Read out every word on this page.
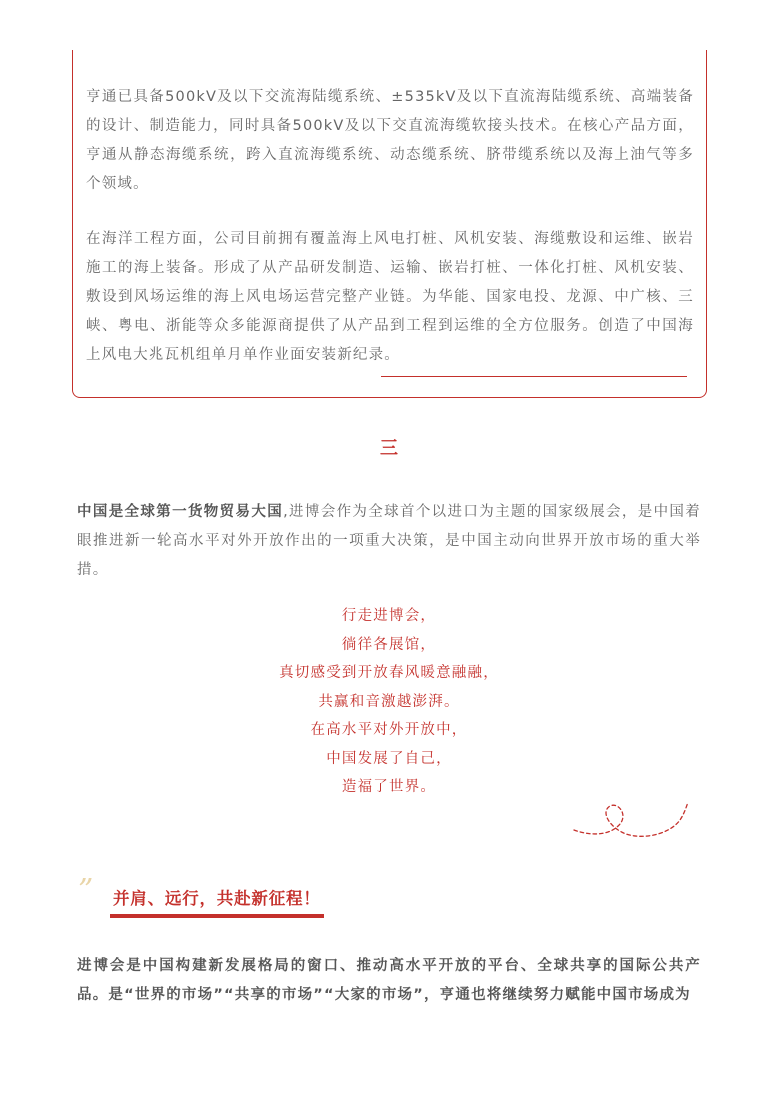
亨通已具备500kV及以下交流海陆缆系统、±535kV及以下直流海陆缆系统、高端装备的设计、制造能力，同时具备500kV及以下交直流海缆软接头技术。在核心产品方面，亨通从静态海缆系统，跨入直流海缆系统、动态缆系统、脐带缆系统以及海上油气等多个领域。

在海洋工程方面，公司目前拥有覆盖海上风电打桩、风机安装、海缆敷设和运维、嵌岩施工的海上装备。形成了从产品研发制造、运输、嵌岩打桩、一体化打桩、风机安装、敷设到风场运维的海上风电场运营完整产业链。为华能、国家电投、龙源、中广核、三峡、粤电、浙能等众多能源商提供了从产品到工程到运维的全方位服务。创造了中国海上风电大兆瓦机组单月单作业面安装新纪录。

三

中国是全球第一货物贸易大国,进博会作为全球首个以进口为主题的国家级展会，是中国着眼推进新一轮高水平对外开放作出的一项重大决策，是中国主动向世界开放市场的重大举措。

行走进博会，
徜徉各展馆，
真切感受到开放春风暖意融融，
共赢和音激越澎湃。
在高水平对外开放中，
中国发展了自己，
造福了世界。
” 并肩、远行，共赴新征程！

进博会是中国构建新发展格局的窗口、推动高水平开放的平台、全球共享的国际公共产品。是“世界的市场”“共享的市场”“大家的市场”，亨通也将继续努力赋能中国市场成为
